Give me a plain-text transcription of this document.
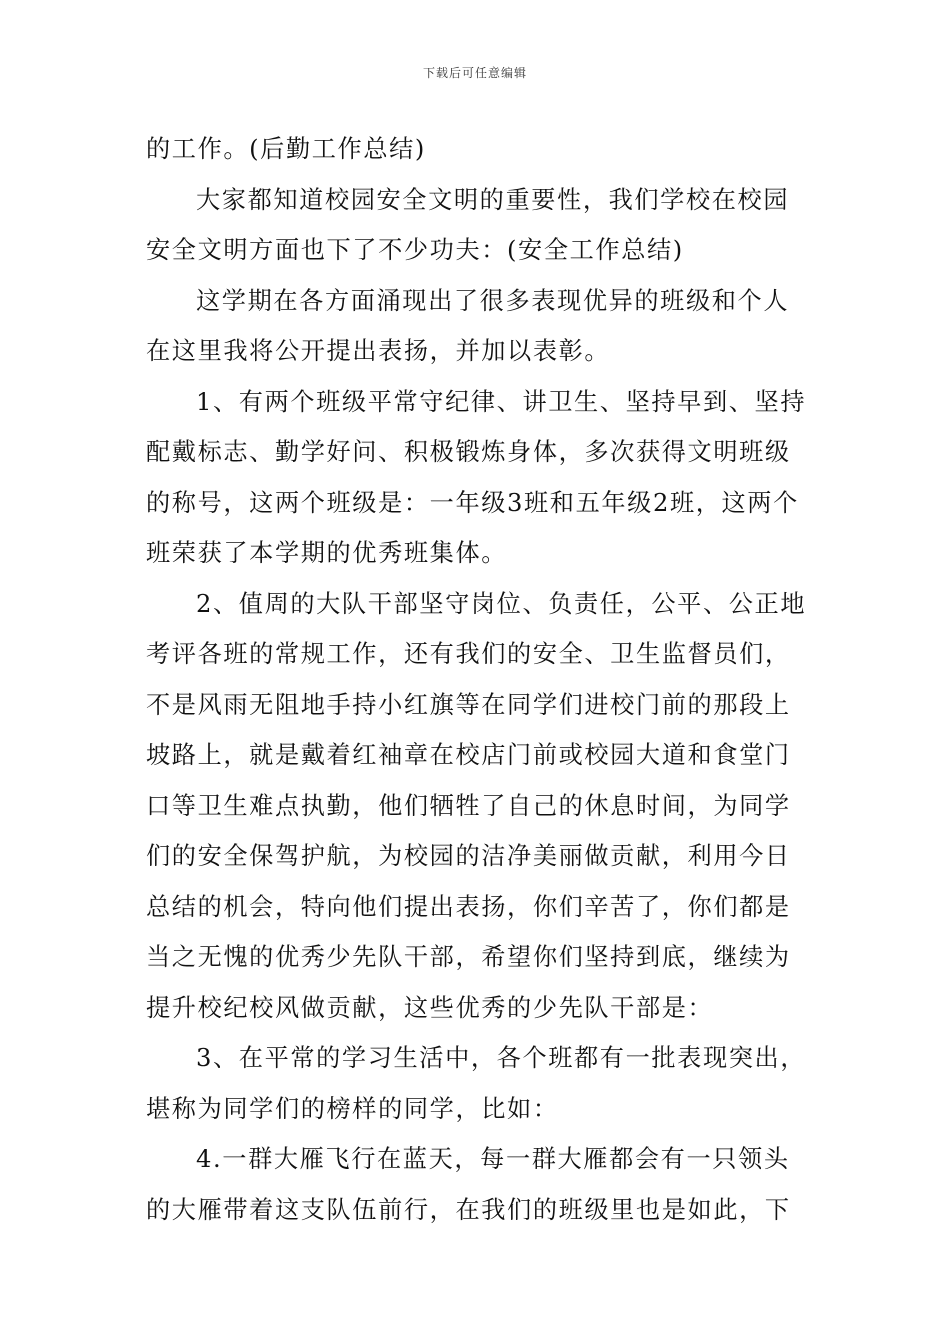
下载后可任意编辑
的工作。(后勤工作总结)
大家都知道校园安全文明的重要性，我们学校在校园
安全文明方面也下了不少功夫：(安全工作总结)
这学期在各方面涌现出了很多表现优异的班级和个人
在这里我将公开提出表扬，并加以表彰。
1、有两个班级平常守纪律、讲卫生、坚持早到、坚持
配戴标志、勤学好问、积极锻炼身体，多次获得文明班级
的称号，这两个班级是：一年级3班和五年级2班，这两个
班荣获了本学期的优秀班集体。
2、值周的大队干部坚守岗位、负责任，公平、公正地
考评各班的常规工作，还有我们的安全、卫生监督员们，
不是风雨无阻地手持小红旗等在同学们进校门前的那段上
坡路上，就是戴着红袖章在校店门前或校园大道和食堂门
口等卫生难点执勤，他们牺牲了自己的休息时间，为同学
们的安全保驾护航，为校园的洁净美丽做贡献，利用今日
总结的机会，特向他们提出表扬，你们辛苦了，你们都是
当之无愧的优秀少先队干部，希望你们坚持到底，继续为
提升校纪校风做贡献，这些优秀的少先队干部是：
3、在平常的学习生活中，各个班都有一批表现突出，
堪称为同学们的榜样的同学，比如：
4.一群大雁飞行在蓝天，每一群大雁都会有一只领头
的大雁带着这支队伍前行，在我们的班级里也是如此，下
